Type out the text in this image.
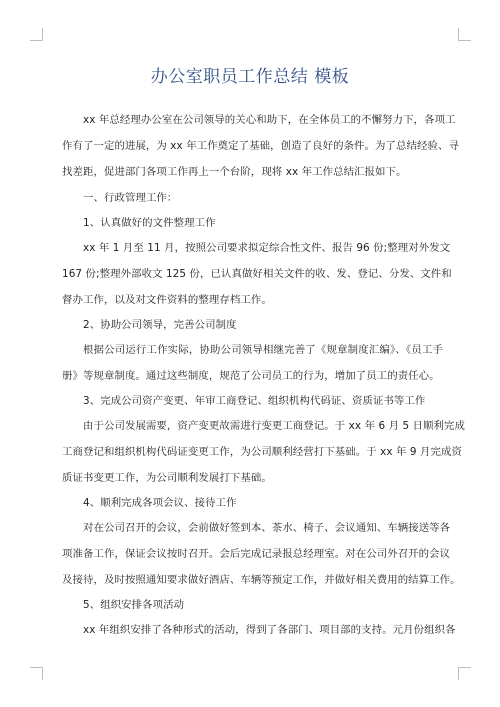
办公室职员工作总结 模板
xx 年总经理办公室在公司领导的关心和助下，在全体员工的不懈努力下，各项工
作有了一定的进展，为 xx 年工作奠定了基础，创造了良好的条件。为了总结经验、寻
找差距，促进部门各项工作再上一个台阶，现将 xx 年工作总结汇报如下。
一、行政管理工作：
1、认真做好的文件整理工作
xx 年 1 月至 11 月，按照公司要求拟定综合性文件、报告 96 份;整理对外发文
167 份;整理外部收文 125 份，已认真做好相关文件的收、发、登记、分发、文件和
督办工作，以及对文件资料的整理存档工作。
2、协助公司领导，完善公司制度
根据公司运行工作实际，协助公司领导相继完善了《规章制度汇编》、《员工手
册》等规章制度。通过这些制度，规范了公司员工的行为，增加了员工的责任心。
3、完成公司资产变更、年审工商登记、组织机构代码证、资质证书等工作
由于公司发展需要，资产变更故需进行变更工商登记。于 xx 年 6 月 5 日顺利完成
工商登记和组织机构代码证变更工作，为公司顺利经营打下基础。于 xx 年 9 月完成资
质证书变更工作，为公司顺利发展打下基础。
4、顺利完成各项会议、接待工作
对在公司召开的会议，会前做好签到本、茶水、椅子、会议通知、车辆接送等各
项准备工作，保证会议按时召开。会后完成记录报总经理室。对在公司外召开的会议
及接待，及时按照通知要求做好酒店、车辆等预定工作，并做好相关费用的结算工作。
5、组织安排各项活动
xx 年组织安排了各种形式的活动，得到了各部门、项目部的支持。元月份组织各
